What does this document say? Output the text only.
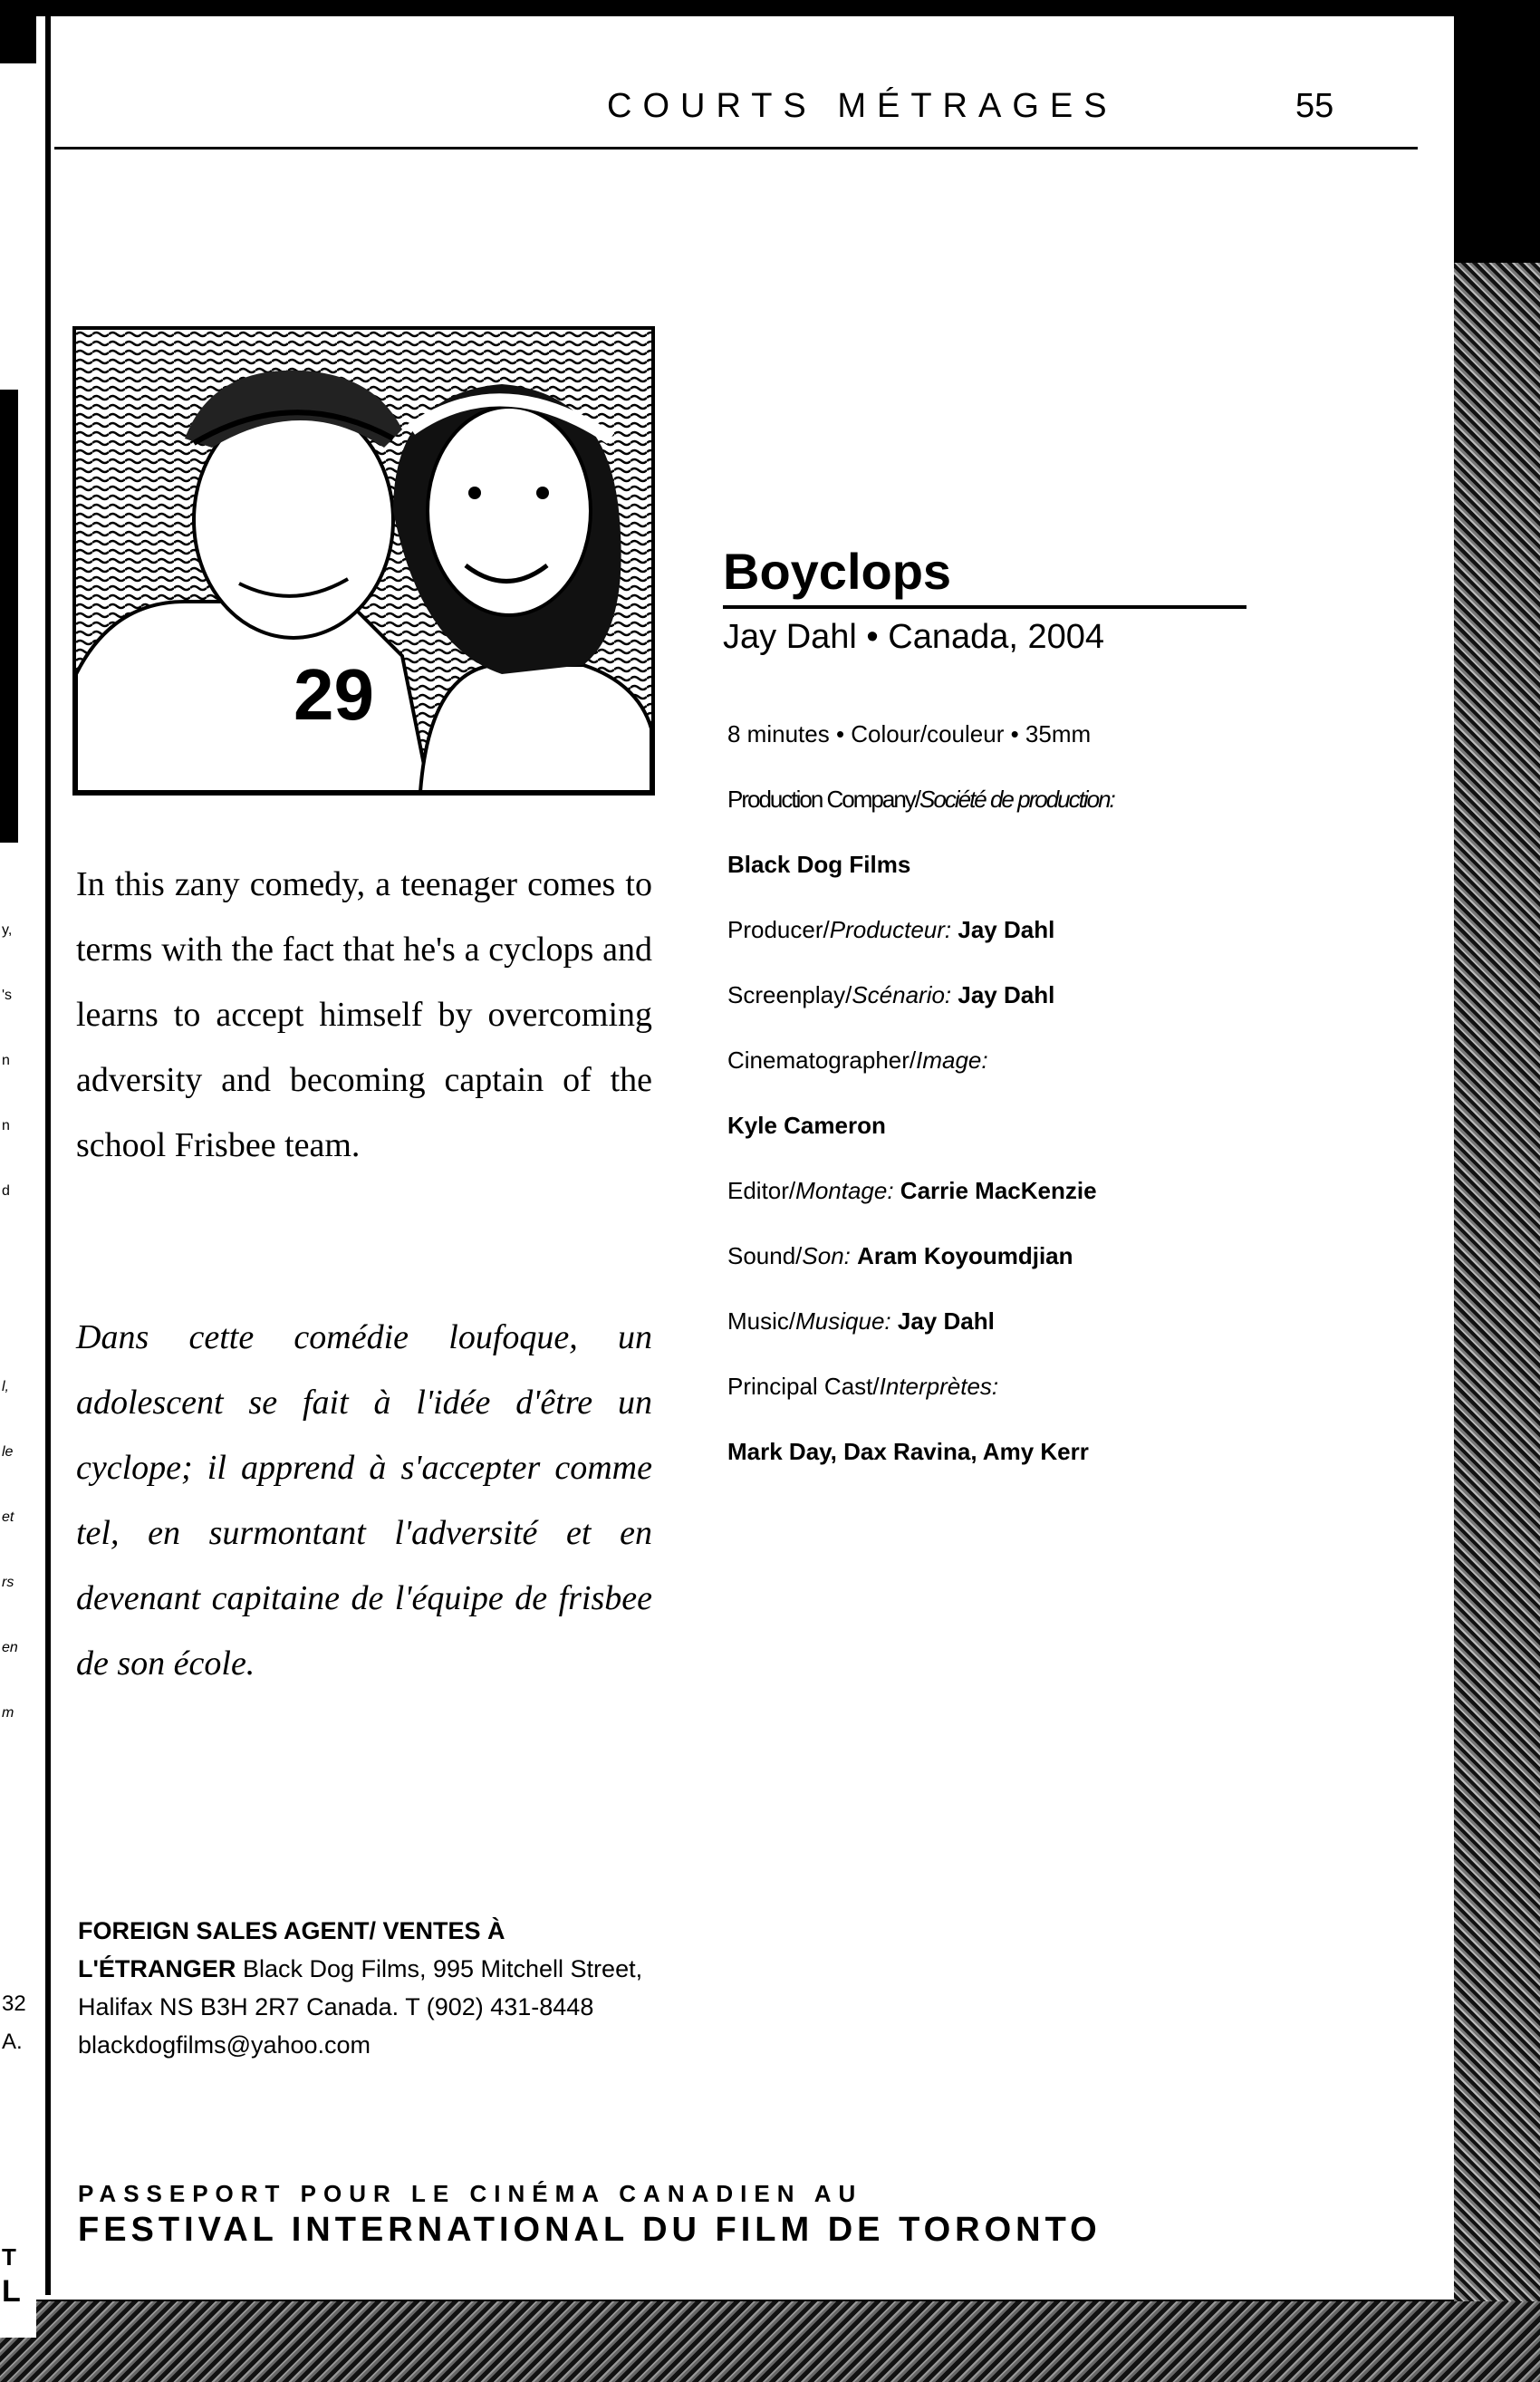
y,
's
n
n
d
l,
le
et
rs
en
m
32
A.
T
L
COURTS MÉTRAGES	55
29
Boyclops
Jay Dahl • Canada, 2004
8 minutes • Colour/couleur • 35mm
Production Company/Société de production:
Black Dog Films
Producer/Producteur: Jay Dahl
Screenplay/Scénario: Jay Dahl
Cinematographer/Image:
Kyle Cameron
Editor/Montage: Carrie MacKenzie
Sound/Son: Aram Koyoumdjian
Music/Musique: Jay Dahl
Principal Cast/Interprètes:
Mark Day, Dax Ravina, Amy Kerr
In this zany comedy, a teenager comes to terms with the fact that he's a cyclops and learns to accept himself by overcoming adversity and becoming captain of the school Frisbee team.
Dans cette comédie loufoque, un adolescent se fait à l'idée d'être un cyclope; il apprend à s'accepter comme tel, en surmontant l'adversité et en devenant capitaine de l'équipe de frisbee de son école.
FOREIGN SALES AGENT/ VENTES À L'ÉTRANGER Black Dog Films, 995 Mitchell Street, Halifax NS B3H 2R7 Canada. T (902) 431-8448 blackdogfilms@yahoo.com
PASSEPORT POUR LE CINÉMA CANADIEN AU
FESTIVAL INTERNATIONAL DU FILM DE TORONTO
